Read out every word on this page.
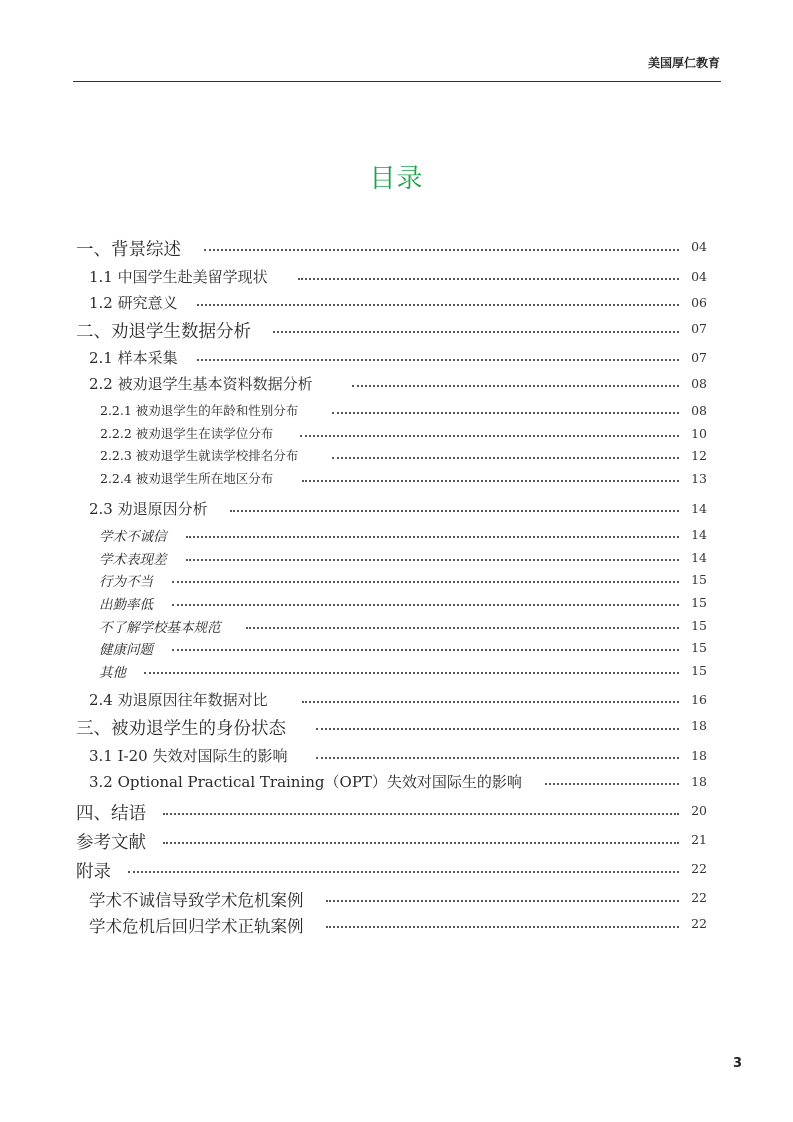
美国厚仁教育
目录
一、背景综述	04
1.1 中国学生赴美留学现状	04
1.2 研究意义	06
二、劝退学生数据分析	07
2.1 样本采集	07
2.2 被劝退学生基本资料数据分析	08
2.2.1 被劝退学生的年龄和性别分布	08
2.2.2 被劝退学生在读学位分布	10
2.2.3 被劝退学生就读学校排名分布	12
2.2.4 被劝退学生所在地区分布	13
2.3 劝退原因分析	14
学术不诚信	14
学术表现差	14
行为不当	15
出勤率低	15
不了解学校基本规范	15
健康问题	15
其他	15
2.4 劝退原因往年数据对比	16
三、被劝退学生的身份状态	18
3.1 I-20 失效对国际生的影响	18
3.2 Optional Practical Training（OPT）失效对国际生的影响	18
四、结语	20
参考文献	21
附录	22
学术不诚信导致学术危机案例	22
学术危机后回归学术正轨案例	22
3
